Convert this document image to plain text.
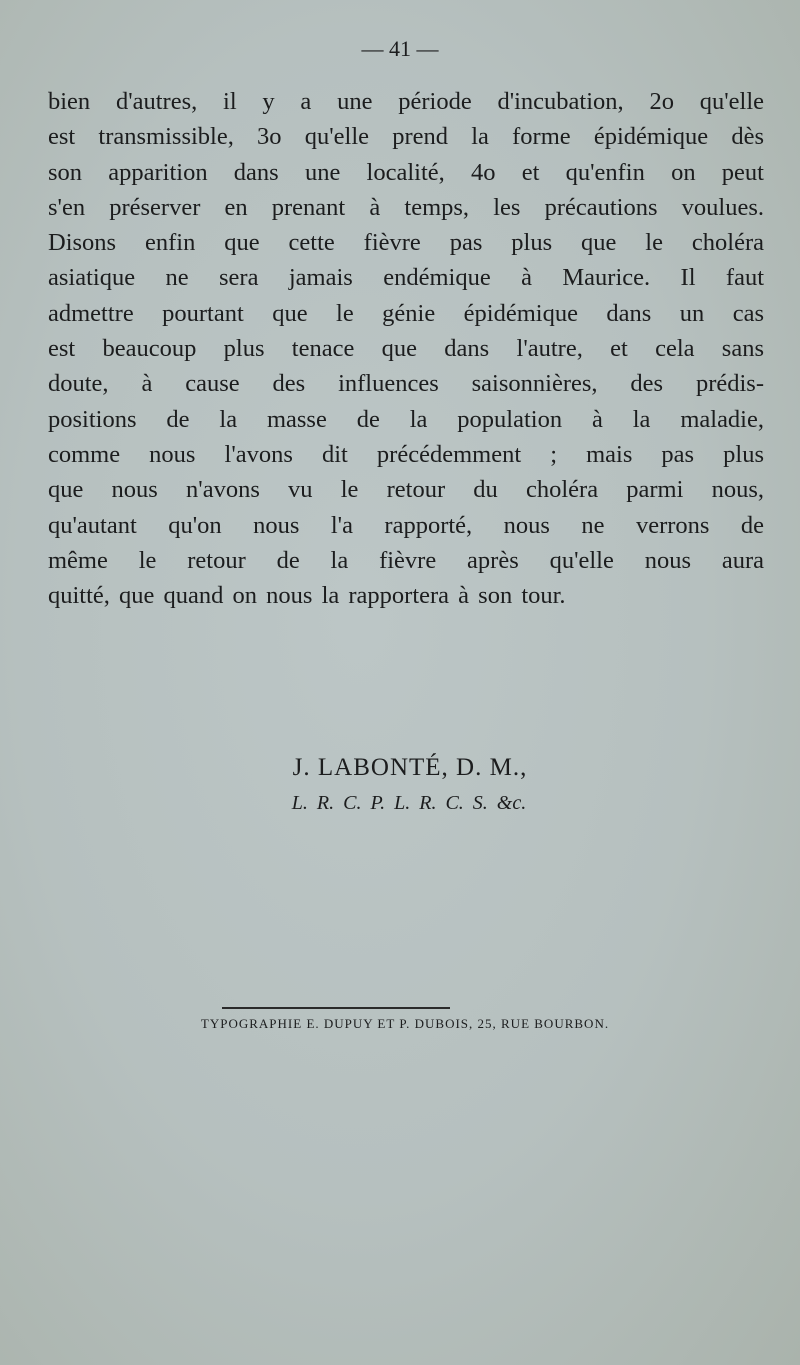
— 41 —
bien d'autres, il y a une période d'incubation, 2o qu'elle
est transmissible, 3o qu'elle prend la forme épidémique dès
son apparition dans une localité, 4o et qu'enfin on peut
s'en préserver en prenant à temps, les précautions voulues.
Disons enfin que cette fièvre pas plus que le choléra
asiatique ne sera jamais endémique à Maurice. Il faut
admettre pourtant que le génie épidémique dans un cas
est beaucoup plus tenace que dans l'autre, et cela sans
doute, à cause des influences saisonnières, des prédis-
positions de la masse de la population à la maladie,
comme nous l'avons dit précédemment ; mais pas plus
que nous n'avons vu le retour du choléra parmi nous,
qu'autant qu'on nous l'a rapporté, nous ne verrons de
même le retour de la fièvre après qu'elle nous aura
quitté, que quand on nous la rapportera à son tour.
J. LABONTÉ, D. M.,
L. R. C. P. L. R. C. S. &c.
TYPOGRAPHIE E. DUPUY ET P. DUBOIS, 25, RUE BOURBON.
